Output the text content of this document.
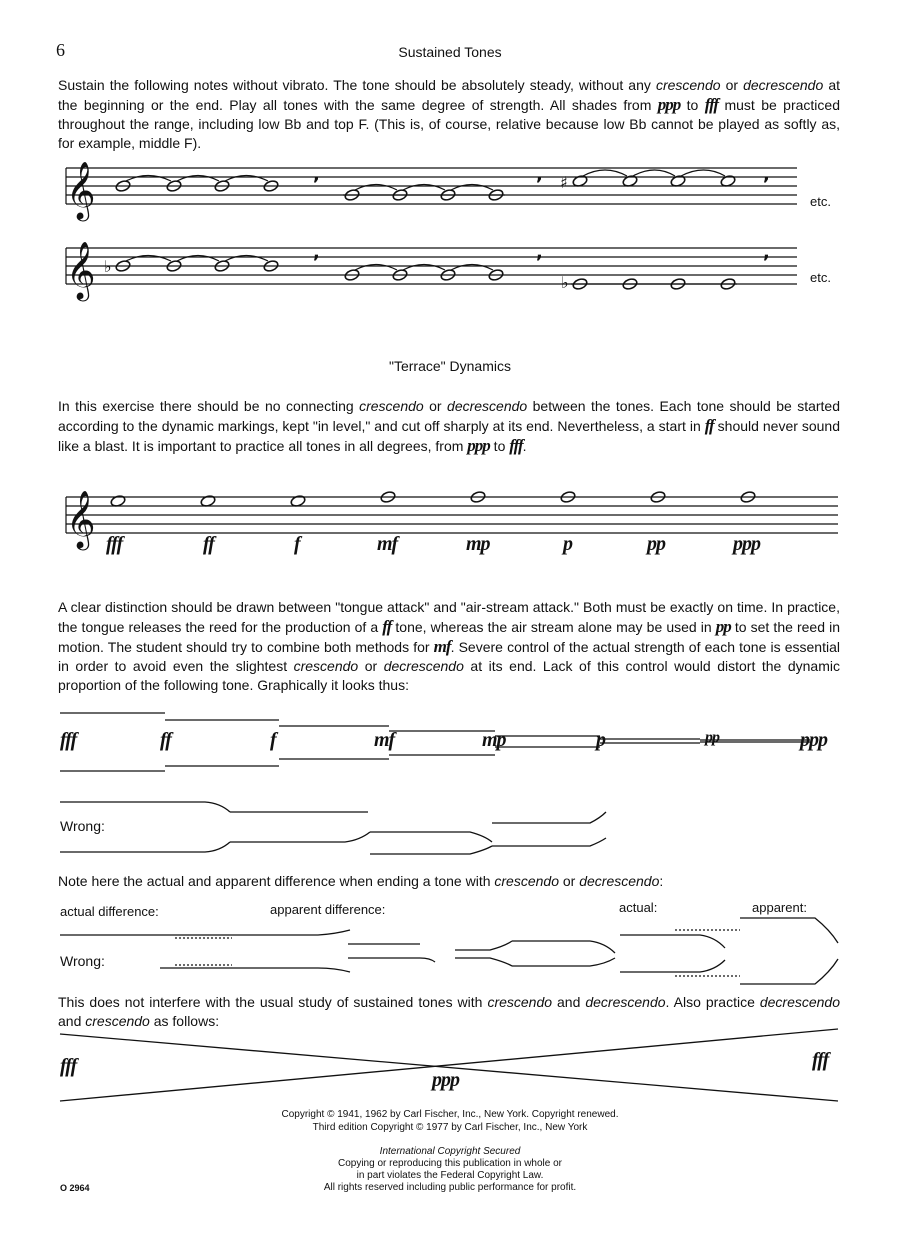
6	Sustained Tones
Sustain the following notes without vibrato. The tone should be absolutely steady, without any crescendo or decrescendo at the beginning or the end. Play all tones with the same degree of strength. All shades from ppp to fff must be practiced throughout the range, including low Bb and top F. (This is, of course, relative because low Bb cannot be played as softly as, for example, middle F).
𝄞
𝄞
𝄞
♯
,	,	,
♭
♭
,	,	,
etc.
etc.
"Terrace" Dynamics
In this exercise there should be no connecting crescendo or decrescendo between the tones. Each tone should be started according to the dynamic markings, kept "in level," and cut off sharply at its end. Nevertheless, a start in ff should never sound like a blast. It is important to practice all tones in all degrees, from ppp to fff.
fff	ff	f	mf	mp	p	pp	ppp
A clear distinction should be drawn between "tongue attack" and "air-stream attack." Both must be exactly on time. In practice, the tongue releases the reed for the production of a ff tone, whereas the air stream alone may be used in pp to set the reed in motion. The student should try to combine both methods for mf. Severe control of the actual strength of each tone is essential in order to avoid even the slightest crescendo or decrescendo at its end. Lack of this control would distort the dynamic proportion of the following tone. Graphically it looks thus:
fff	ff	f	mf	mp	p	pp	ppp
Wrong:
Note here the actual and apparent difference when ending a tone with crescendo or decrescendo:
actual difference:	apparent difference:	actual:	apparent:
Wrong:
This does not interfere with the usual study of sustained tones with crescendo and decrescendo. Also practice decrescendo and crescendo as follows:
fff
ppp
fff
Copyright © 1941, 1962 by Carl Fischer, Inc., New York. Copyright renewed.
Third edition Copyright © 1977 by Carl Fischer, Inc., New York
International Copyright Secured
Copying or reproducing this publication in whole or
in part violates the Federal Copyright Law.
All rights reserved including public performance for profit.
O 2964
